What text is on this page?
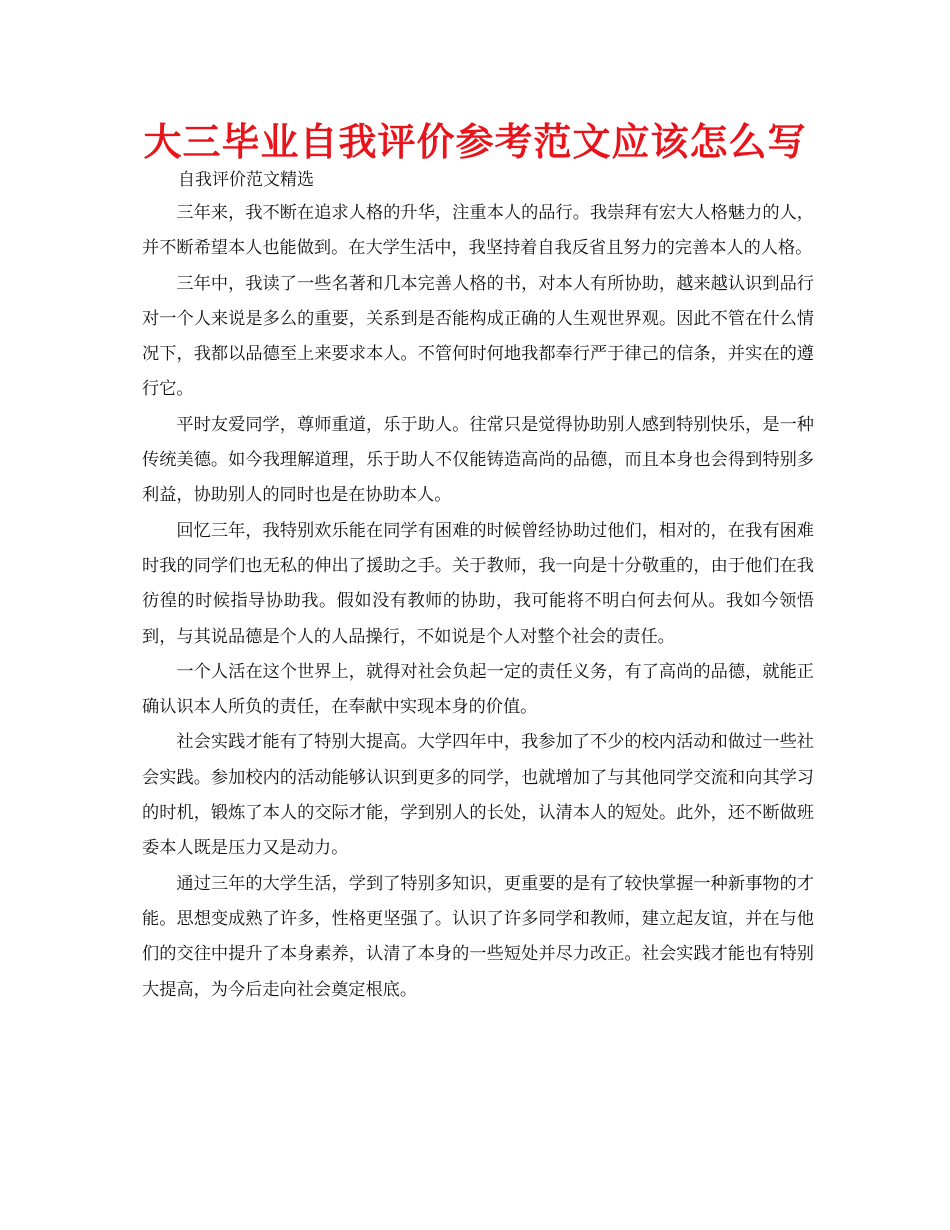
大三毕业自我评价参考范文应该怎么写
自我评价范文精选

三年来，我不断在追求人格的升华，注重本人的品行。我崇拜有宏大人格魅力的人，并不断希望本人也能做到。在大学生活中，我坚持着自我反省且努力的完善本人的人格。

三年中，我读了一些名著和几本完善人格的书，对本人有所协助，越来越认识到品行对一个人来说是多么的重要，关系到是否能构成正确的人生观世界观。因此不管在什么情况下，我都以品德至上来要求本人。不管何时何地我都奉行严于律己的信条，并实在的遵行它。

平时友爱同学，尊师重道，乐于助人。往常只是觉得协助别人感到特别快乐，是一种传统美德。如今我理解道理，乐于助人不仅能铸造高尚的品德，而且本身也会得到特别多利益，协助别人的同时也是在协助本人。

回忆三年，我特别欢乐能在同学有困难的时候曾经协助过他们，相对的，在我有困难时我的同学们也无私的伸出了援助之手。关于教师，我一向是十分敬重的，由于他们在我彷徨的时候指导协助我。假如没有教师的协助，我可能将不明白何去何从。我如今领悟到，与其说品德是个人的人品操行，不如说是个人对整个社会的责任。

一个人活在这个世界上，就得对社会负起一定的责任义务，有了高尚的品德，就能正确认识本人所负的责任，在奉献中实现本身的价值。

社会实践才能有了特别大提高。大学四年中，我参加了不少的校内活动和做过一些社会实践。参加校内的活动能够认识到更多的同学，也就增加了与其他同学交流和向其学习的时机，锻炼了本人的交际才能，学到别人的长处，认清本人的短处。此外，还不断做班委本人既是压力又是动力。

通过三年的大学生活，学到了特别多知识，更重要的是有了较快掌握一种新事物的才能。思想变成熟了许多，性格更坚强了。认识了许多同学和教师，建立起友谊，并在与他们的交往中提升了本身素养，认清了本身的一些短处并尽力改正。社会实践才能也有特别大提高，为今后走向社会奠定根底。
